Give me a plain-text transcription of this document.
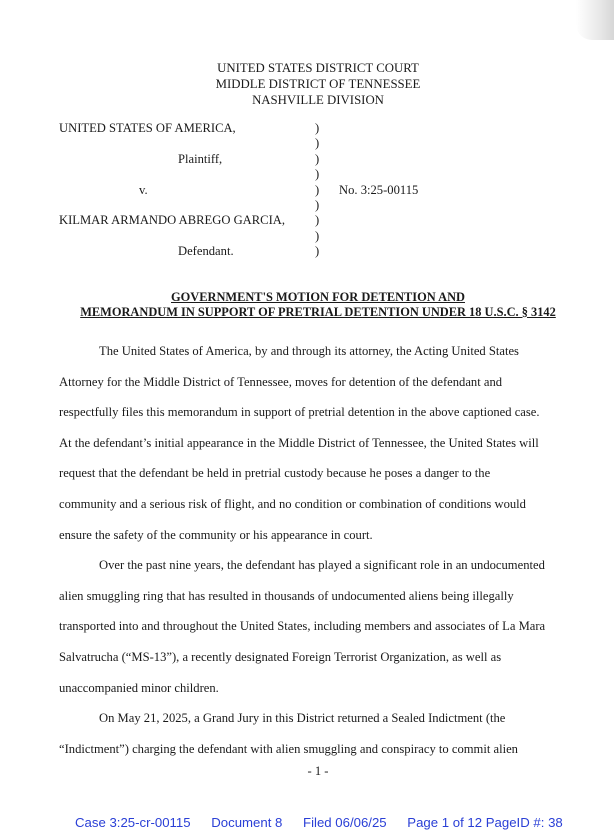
UNITED STATES DISTRICT COURT
MIDDLE DISTRICT OF TENNESSEE
NASHVILLE DIVISION
UNITED STATES OF AMERICA,
Plaintiff,
v.
KILMAR ARMANDO ABREGO GARCIA,
Defendant.
)
)
)
)
)
)
)
)
)
No. 3:25-00115
GOVERNMENT'S MOTION FOR DETENTION AND
MEMORANDUM IN SUPPORT OF PRETRIAL DETENTION UNDER 18 U.S.C. § 3142
The United States of America, by and through its attorney, the Acting United States
Attorney for the Middle District of Tennessee, moves for detention of the defendant and
respectfully files this memorandum in support of pretrial detention in the above captioned case.
At the defendant’s initial appearance in the Middle District of Tennessee, the United States will
request that the defendant be held in pretrial custody because he poses a danger to the
community and a serious risk of flight, and no condition or combination of conditions would
ensure the safety of the community or his appearance in court.
Over the past nine years, the defendant has played a significant role in an undocumented
alien smuggling ring that has resulted in thousands of undocumented aliens being illegally
transported into and throughout the United States, including members and associates of La Mara
Salvatrucha (“MS-13”), a recently designated Foreign Terrorist Organization, as well as
unaccompanied minor children.
On May 21, 2025, a Grand Jury in this District returned a Sealed Indictment (the
“Indictment”) charging the defendant with alien smuggling and conspiracy to commit alien
- 1 -
Case 3:25-cr-00115 Document 8 Filed 06/06/25 Page 1 of 12 PageID #: 38
